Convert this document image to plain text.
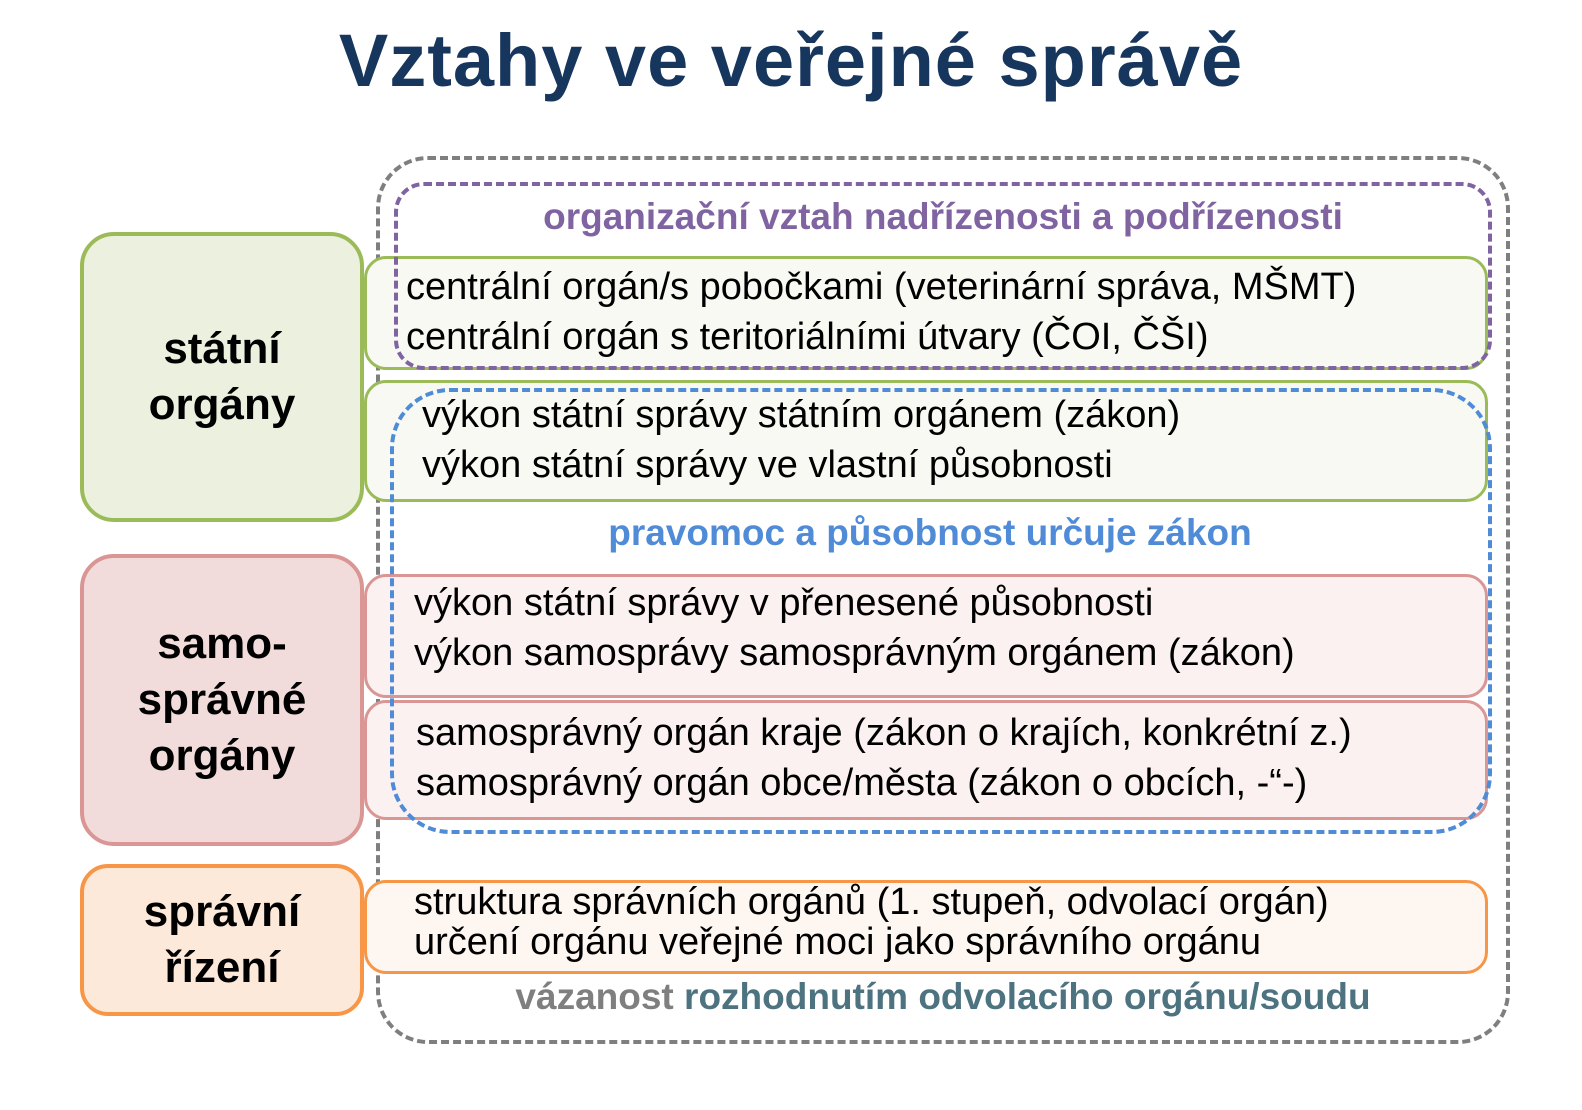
Vztahy ve veřejné správě
státní
orgány
samo-
správné
orgány
správní
řízení
organizační vztah nadřízenosti a podřízenosti
pravomoc a působnost určuje zákon
centrální orgán/s pobočkami (veterinární správa, MŠMT)
centrální orgán s teritoriálními útvary (ČOI, ČŠI)
výkon státní správy státním orgánem (zákon)
výkon státní správy ve vlastní působnosti
výkon státní správy v přenesené působnosti
výkon samosprávy samosprávným orgánem (zákon)
samosprávný orgán kraje (zákon o krajích, konkrétní z.)
samosprávný orgán obce/města (zákon o obcích, -“-)
struktura správních orgánů (1. stupeň, odvolací orgán)
určení orgánu veřejné moci jako správního orgánu
vázanost rozhodnutím odvolacího orgánu/soudu
